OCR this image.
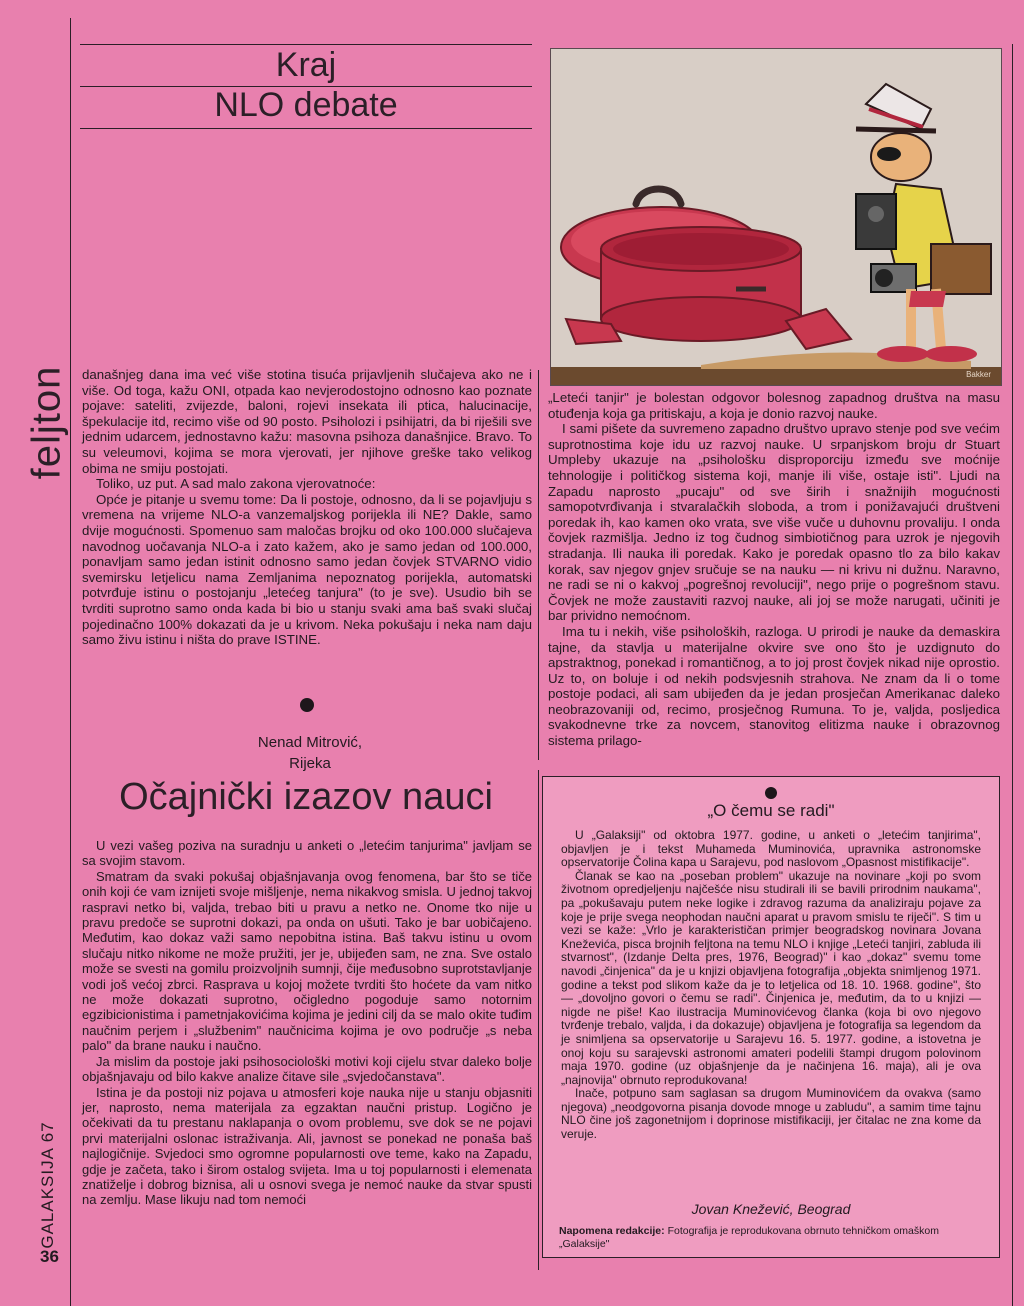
feljton
GALAKSIJA 67
36
Kraj
NLO debate
Bakker

današnjeg dana ima već više stotina tisuća prijavljenih slučajeva ako ne i više. Od toga, kažu ONI, otpada kao nevjerodostojno odnosno kao poznate pojave: sateliti, zvijezde, baloni, rojevi insekata ili ptica, halucinacije, špekulacije itd, recimo više od 90 posto. Psiholozi i psihijatri, da bi riješili sve jednim udarcem, jednostavno kažu: masovna psihoza današnjice. Bravo. To su veleumovi, kojima se mora vjerovati, jer njihove greške tako velikog obima ne smiju postojati.

Toliko, uz put. A sad malo zakona vjerovatnoće:

Opće je pitanje u svemu tome: Da li postoje, odnosno, da li se pojavljuju s vremena na vrijeme NLO-a vanzemaljskog porijekla ili NE? Dakle, samo dvije mogućnosti. Spomenuo sam maločas brojku od oko 100.000 slučajeva navodnog uočavanja NLO-a i zato kažem, ako je samo jedan od 100.000, ponavljam samo jedan istinit odnosno samo jedan čovjek STVARNO vidio svemirsku letjelicu nama Zemljanima nepoznatog porijekla, automatski potvrđuje istinu o postojanju „letećeg tanjura" (to je sve). Usudio bih se tvrditi suprotno samo onda kada bi bio u stanju svaki ama baš svaki slučaj pojedinačno 100% dokazati da je u krivom. Neka pokušaju i neka nam daju samo živu istinu i ništa do prave ISTINE.

„Leteći tanjir" je bolestan odgovor bolesnog zapadnog društva na masu otuđenja koja ga pritiskaju, a koja je donio razvoj nauke.

I sami pišete da suvremeno zapadno društvo upravo stenje pod sve većim suprotnostima koje idu uz razvoj nauke. U srpanjskom broju dr Stuart Umpleby ukazuje na „psihološku disproporciju između sve moćnije tehnologije i političkog sistema koji, manje ili više, ostaje isti". Ljudi na Zapadu naprosto „pucaju" od sve širih i snažnijih mogućnosti samopotvrđivanja i stvaralačkih sloboda, a trom i ponižavajući društveni poredak ih, kao kamen oko vrata, sve više vuče u duhovnu provaliju. I onda čovjek razmišlja. Jedno iz tog čudnog simbiotičnog para uzrok je njegovih stradanja. Ili nauka ili poredak. Kako je poredak opasno tlo za bilo kakav korak, sav njegov gnjev sručuje se na nauku — ni krivu ni dužnu. Naravno, ne radi se ni o kakvoj „pogrešnoj revoluciji", nego prije o pogrešnom stavu. Čovjek ne može zaustaviti razvoj nauke, ali joj se može narugati, učiniti je bar prividno nemoćnom.

Ima tu i nekih, više psiholoških, razloga. U prirodi je nauke da demaskira tajne, da stavlja u materijalne okvire sve ono što je uzdignuto do apstraktnog, ponekad i romantičnog, a to joj prost čovjek nikad nije oprostio. Uz to, on boluje i od nekih podsvjesnih strahova. Ne znam da li o tome postoje podaci, ali sam ubijeđen da je jedan prosječan Amerikanac daleko neobrazovaniji od, recimo, prosječnog Rumuna. To je, valjda, posljedica svakodnevne trke za novcem, stanovitog elitizma nauke i obrazovnog sistema prilago-

Nenad Mitrović,
Rijeka
Očajnički izazov nauci

U vezi vašeg poziva na suradnju u anketi o „letećim tanjurima" javljam se sa svojim stavom.

Smatram da svaki pokušaj objašnjavanja ovog fenomena, bar što se tiče onih koji će vam iznijeti svoje mišljenje, nema nikakvog smisla. U jednoj takvoj raspravi netko bi, valjda, trebao biti u pravu a netko ne. Onome tko nije u pravu predoče se suprotni dokazi, pa onda on ušuti. Tako je bar uobičajeno. Međutim, kao dokaz važi samo nepobitna istina. Baš takvu istinu u ovom slučaju nitko nikome ne može pružiti, jer je, ubijeđen sam, ne zna. Sve ostalo može se svesti na gomilu proizvoljnih sumnji, čije međusobno suprotstavljanje vodi još većoj zbrci. Rasprava u kojoj možete tvrditi što hoćete da vam nitko ne može dokazati suprotno, očigledno pogoduje samo notornim egzibicionistima i pametnjakovićima kojima je jedini cilj da se malo okite tuđim naučnim perjem i „službenim" naučnicima kojima je ovo područje „s neba palo" da brane nauku i naučno.

Ja mislim da postoje jaki psihosociološki motivi koji cijelu stvar daleko bolje objašnjavaju od bilo kakve analize čitave sile „svjedočanstava".

Istina je da postoji niz pojava u atmosferi koje nauka nije u stanju objasniti jer, naprosto, nema materijala za egzaktan naučni pristup. Logično je očekivati da tu prestanu naklapanja o ovom problemu, sve dok se ne pojavi prvi materijalni oslonac istraživanja. Ali, javnost se ponekad ne ponaša baš najlogičnije. Svjedoci smo ogromne popularnosti ove teme, kako na Zapadu, gdje je začeta, tako i širom ostalog svijeta. Ima u toj popularnosti i elemenata znatiželje i dobrog biznisa, ali u osnovi svega je nemoć nauke da stvar spusti na zemlju. Mase likuju nad tom nemoći

„O čemu se radi"

U „Galaksiji" od oktobra 1977. godine, u anketi o „letećim tanjirima", objavljen je i tekst Muhameda Muminovića, upravnika astronomske opservatorije Čolina kapa u Sarajevu, pod naslovom „Opasnost mistifikacije".

Članak se kao na „poseban problem" ukazuje na novinare „koji po svom životnom opredjeljenju najčešće nisu studirali ili se bavili prirodnim naukama", pa „pokušavaju putem neke logike i zdravog razuma da analiziraju pojave za koje je prije svega neophodan naučni aparat u pravom smislu te riječi". S tim u vezi se kaže: „Vrlo je karakterističan primjer beogradskog novinara Jovana Kneževića, pisca brojnih feljtona na temu NLO i knjige „Leteći tanjiri, zabluda ili stvarnost", (Izdanje Delta pres, 1976, Beograd)" i kao „dokaz" svemu tome navodi „činjenica" da je u knjizi objavljena fotografija „objekta snimljenog 1971. godine a tekst pod slikom kaže da je to letjelica od 18. 10. 1968. godine", što — „dovoljno govori o čemu se radi". Činjenica je, međutim, da to u knjizi — nigde ne piše! Kao ilustracija Muminovićevog članka (koja bi ovo njegovo tvrđenje trebalo, valjda, i da dokazuje) objavljena je fotografija sa legendom da je snimljena sa opservatorije u Sarajevu 16. 5. 1977. godine, a istovetna je onoj koju su sarajevski astronomi amateri podelili štampi drugom polovinom maja 1970. godine (uz objašnjenje da je načinjena 16. maja), ali je ova „najnovija" obrnuto reprodukovana!

Inače, potpuno sam saglasan sa drugom Muminovićem da ovakva (samo njegova) „neodgovorna pisanja dovode mnoge u zabludu", a samim time tajnu NLO čine još zagonetnijom i doprinose mistifikaciji, jer čitalac ne zna kome da veruje.

Jovan Knežević, Beograd
Napomena redakcije: Fotografija je reprodukovana obrnuto tehničkom omaškom „Galaksije"
